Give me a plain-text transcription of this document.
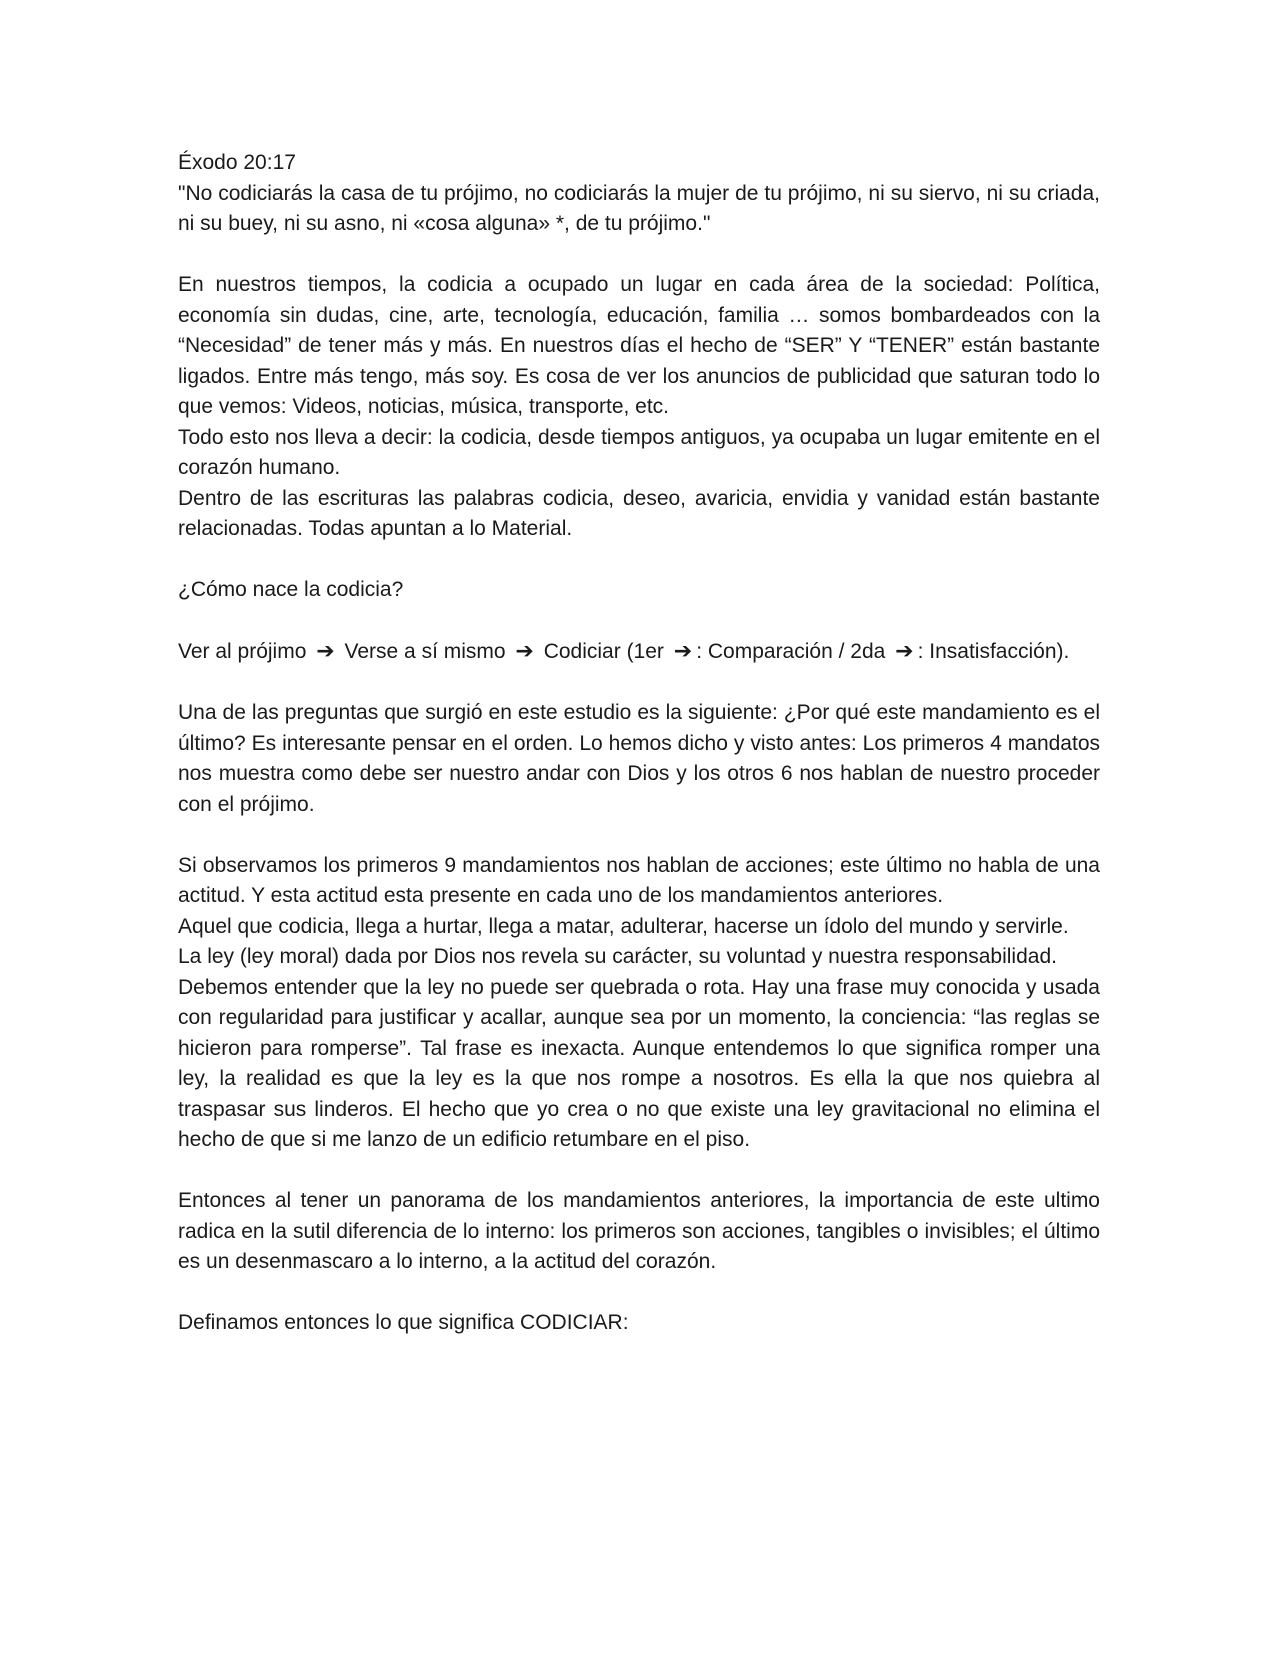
Éxodo 20:17

"No codiciarás la casa de tu prójimo, no codiciarás la mujer de tu prójimo, ni su siervo, ni su criada, ni su buey, ni su asno, ni «cosa alguna» *, de tu prójimo."

En nuestros tiempos, la codicia a ocupado un lugar en cada área de la sociedad: Política, economía sin dudas, cine, arte, tecnología, educación, familia … somos bombardeados con la “Necesidad” de tener más y más. En nuestros días el hecho de “SER” Y “TENER” están bastante ligados. Entre más tengo, más soy. Es cosa de ver los anuncios de publicidad que saturan todo lo que vemos: Videos, noticias, música, transporte, etc.

Todo esto nos lleva a decir: la codicia, desde tiempos antiguos, ya ocupaba un lugar emitente en el corazón humano.

Dentro de las escrituras las palabras codicia, deseo, avaricia, envidia y vanidad están bastante relacionadas. Todas apuntan a lo Material.

¿Cómo nace la codicia?

Ver al prójimo ➔ Verse a sí mismo ➔ Codiciar (1er ➔ : Comparación / 2da ➔ : Insatisfacción).

Una de las preguntas que surgió en este estudio es la siguiente: ¿Por qué este mandamiento es el último? Es interesante pensar en el orden. Lo hemos dicho y visto antes: Los primeros 4 mandatos nos muestra como debe ser nuestro andar con Dios y los otros 6 nos hablan de nuestro proceder con el prójimo.

Si observamos los primeros 9 mandamientos nos hablan de acciones; este último no habla de una actitud. Y esta actitud esta presente en cada uno de los mandamientos anteriores.

Aquel que codicia, llega a hurtar, llega a matar, adulterar, hacerse un ídolo del mundo y servirle.

La ley (ley moral) dada por Dios nos revela su carácter, su voluntad y nuestra responsabilidad.

Debemos entender que la ley no puede ser quebrada o rota. Hay una frase muy conocida y usada con regularidad para justificar y acallar, aunque sea por un momento, la conciencia: “las reglas se hicieron para romperse”. Tal frase es inexacta. Aunque entendemos lo que significa romper una ley, la realidad es que la ley es la que nos rompe a nosotros. Es ella la que nos quiebra al traspasar sus linderos. El hecho que yo crea o no que existe una ley gravitacional no elimina el hecho de que si me lanzo de un edificio retumbare en el piso.

Entonces al tener un panorama de los mandamientos anteriores, la importancia de este ultimo radica en la sutil diferencia de lo interno: los primeros son acciones, tangibles o invisibles; el último es un desenmascaro a lo interno, a la actitud del corazón.

Definamos entonces lo que significa CODICIAR:
